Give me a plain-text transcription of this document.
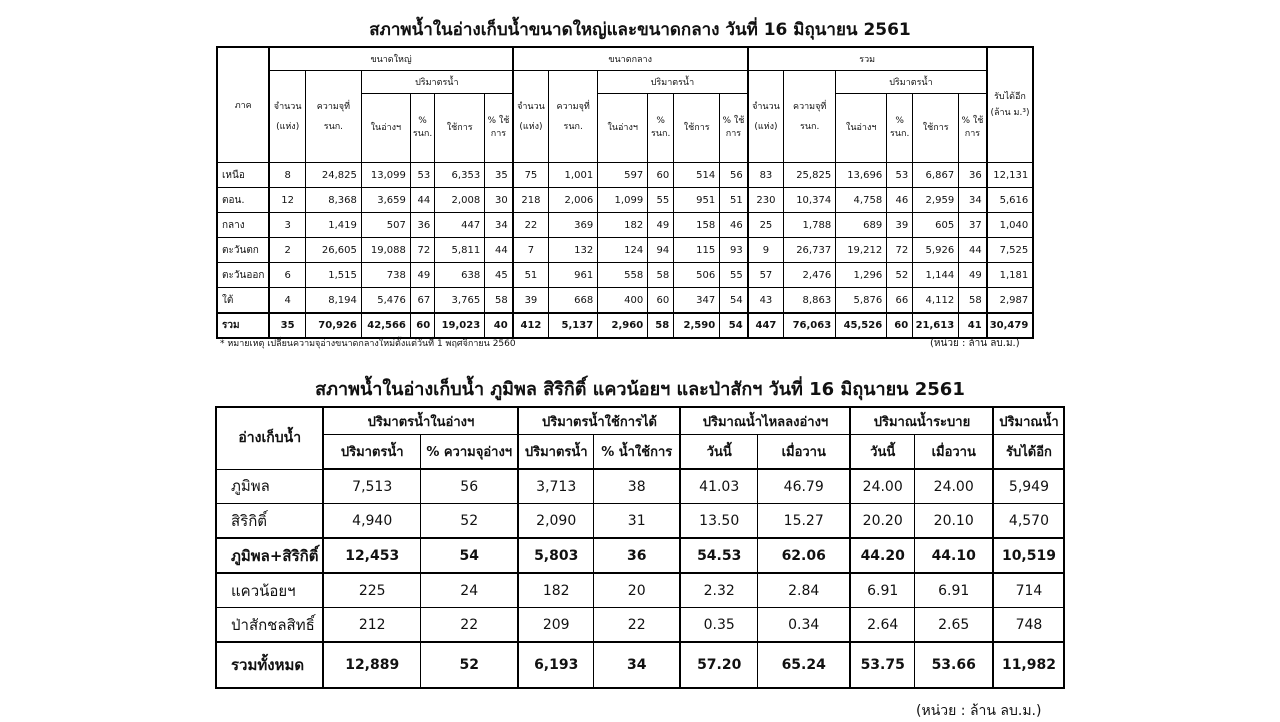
สภาพน้ำในอ่างเก็บน้ำขนาดใหญ่และขนาดกลาง วันที่ 16 มิถุนายน 2561
ภาค	ขนาดใหญ่						ขนาดกลาง						รวม						รับได้อีก (ล้าน ม.³)
	จำนวน (แห่ง)	ความจุที่ รนก.	ปริมาตรน้ำ				จำนวน (แห่ง)	ความจุที่ รนก.	ปริมาตรน้ำ				จำนวน (แห่ง)	ความจุที่ รนก.	ปริมาตรน้ำ				
			ในอ่างฯ	% รนก.	ใช้การ	% ใช้การ			ในอ่างฯ	% รนก.	ใช้การ	% ใช้การ			ในอ่างฯ	% รนก.	ใช้การ	% ใช้การ	
เหนือ	8	24,825	13,099	53	6,353	35	75	1,001	597	60	514	56	83	25,825	13,696	53	6,867	36	12,131
ตอน.	12	8,368	3,659	44	2,008	30	218	2,006	1,099	55	951	51	230	10,374	4,758	46	2,959	34	5,616
กลาง	3	1,419	507	36	447	34	22	369	182	49	158	46	25	1,788	689	39	605	37	1,040
ตะวันตก	2	26,605	19,088	72	5,811	44	7	132	124	94	115	93	9	26,737	19,212	72	5,926	44	7,525
ตะวันออก	6	1,515	738	49	638	45	51	961	558	58	506	55	57	2,476	1,296	52	1,144	49	1,181
ใต้	4	8,194	5,476	67	3,765	58	39	668	400	60	347	54	43	8,863	5,876	66	4,112	58	2,987
รวม	35	70,926	42,566	60	19,023	40	412	5,137	2,960	58	2,590	54	447	76,063	45,526	60	21,613	41	30,479
* หมายเหตุ เปลี่ยนความจุอ่างขนาดกลางใหม่ตั้งแต่วันที่ 1 พฤศจิกายน 2560	(หน่วย : ล้าน ลบ.ม.)
สภาพน้ำในอ่างเก็บน้ำ ภูมิพล สิริกิติ์ แควน้อยฯ และป่าสักฯ วันที่ 16 มิถุนายน 2561
อ่างเก็บน้ำ	ปริมาตรน้ำในอ่างฯ		ปริมาตรน้ำใช้การได้		ปริมาณน้ำไหลลงอ่างฯ		ปริมาณน้ำระบาย		ปริมาณน้ำ
	ปริมาตรน้ำ	% ความจุอ่างฯ	ปริมาตรน้ำ	% น้ำใช้การ	วันนี้	เมื่อวาน	วันนี้	เมื่อวาน	รับได้อีก
ภูมิพล	7,513	56	3,713	38	41.03	46.79	24.00	24.00	5,949
สิริกิติ์	4,940	52	2,090	31	13.50	15.27	20.20	20.10	4,570
ภูมิพล+สิริกิติ์	12,453	54	5,803	36	54.53	62.06	44.20	44.10	10,519
แควน้อยฯ	225	24	182	20	2.32	2.84	6.91	6.91	714
ป่าสักชลสิทธิ์	212	22	209	22	0.35	0.34	2.64	2.65	748
รวมทั้งหมด	12,889	52	6,193	34	57.20	65.24	53.75	53.66	11,982
(หน่วย : ล้าน ลบ.ม.)
